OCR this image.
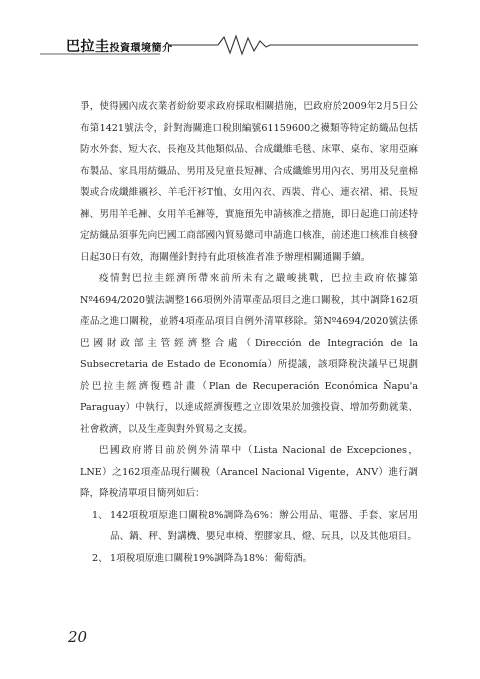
巴拉圭投資環境簡介

爭，使得國內成衣業者紛紛要求政府採取相關措施，巴政府於2009年2月5日公布第1421號法令，針對海關進口稅則編號61159600之襪類等特定紡織品包括防水外套、短大衣、長袍及其他類似品、合成纖維毛毯、床單、桌布、家用亞麻布製品、家具用紡織品、男用及兒童長短褲、合成纖維男用內衣、男用及兒童棉製或合成纖維襯衫、羊毛汗衫T恤、女用內衣、西裝、背心、連衣裙、裙、長短褲、男用羊毛褲、女用羊毛褲等，實施預先申請核准之措施，即日起進口前述特定紡織品須事先向巴國工商部國內貿易總司申請進口核准，前述進口核准自核發日起30日有效，海關僅針對持有此項核准者准予辦理相關通關手續。

疫情對巴拉圭經濟所帶來前所未有之嚴峻挑戰，巴拉圭政府依據第Nº4694/2020號法調整166項例外清單產品項目之進口關稅，其中調降162項產品之進口關稅，並將4項產品項目自例外清單移除。第Nº4694/2020號法係巴國財政部主管經濟整合處（Dirección de Integración de la Subsecretaria de Estado de Economía）所提議，該項降稅決議早已規劃於巴拉圭經濟復甦計畫（Plan de Recuperación Económica Ñapu'a Paraguay）中執行，以達成經濟復甦之立即效果於加強投資、增加勞動就業、社會救濟，以及生產與對外貿易之支援。

巴國政府將目前於例外清單中（Lista Nacional de Excepciones，LNE）之162項產品現行關稅（Arancel Nacional Vigente，ANV）進行調降，降稅清單項目簡列如后：

1、 142項稅項原進口關稅8%調降為6%：辦公用品、電器、手套、家居用品、鍋、秤、對講機、嬰兒車椅、塑膠家具、燈、玩具，以及其他項目。

2、 1項稅項原進口關稅19%調降為18%：葡萄酒。

20
